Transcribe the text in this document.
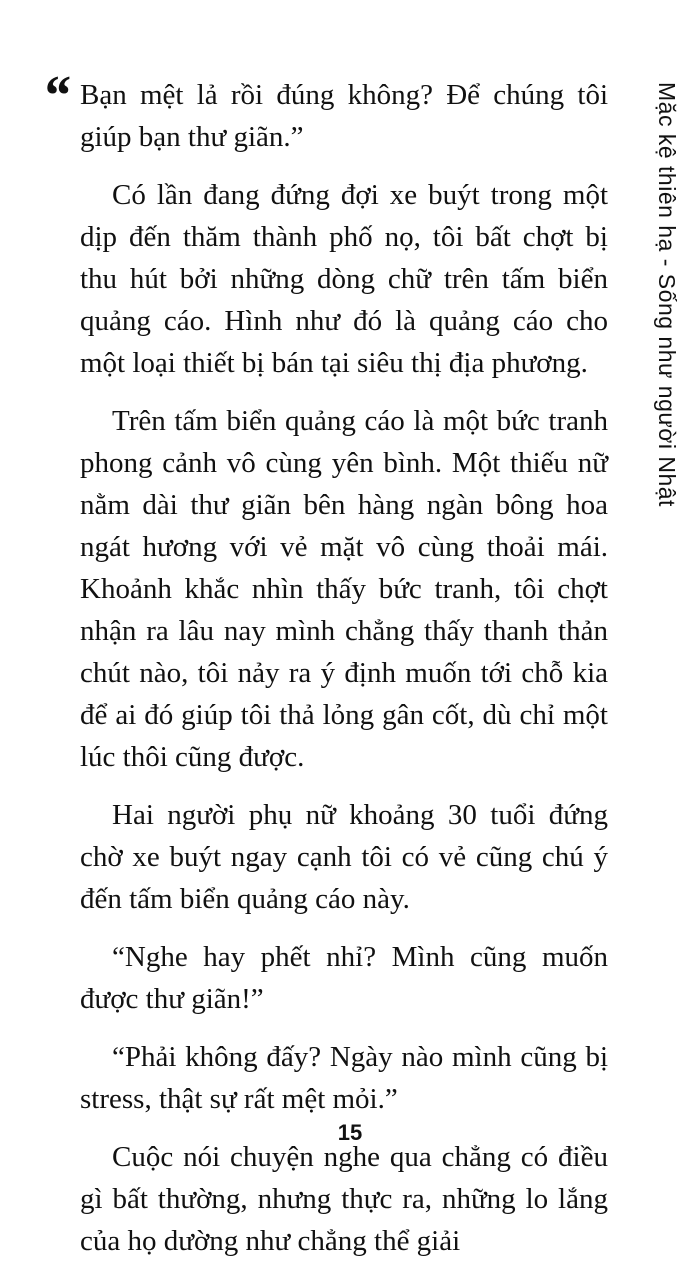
“ Bạn mệt lả rồi đúng không? Để chúng tôi giúp bạn thư giãn.”

Có lần đang đứng đợi xe buýt trong một dịp đến thăm thành phố nọ, tôi bất chợt bị thu hút bởi những dòng chữ trên tấm biển quảng cáo. Hình như đó là quảng cáo cho một loại thiết bị bán tại siêu thị địa phương.

Trên tấm biển quảng cáo là một bức tranh phong cảnh vô cùng yên bình. Một thiếu nữ nằm dài thư giãn bên hàng ngàn bông hoa ngát hương với vẻ mặt vô cùng thoải mái. Khoảnh khắc nhìn thấy bức tranh, tôi chợt nhận ra lâu nay mình chẳng thấy thanh thản chút nào, tôi nảy ra ý định muốn tới chỗ kia để ai đó giúp tôi thả lỏng gân cốt, dù chỉ một lúc thôi cũng được.

Hai người phụ nữ khoảng 30 tuổi đứng chờ xe buýt ngay cạnh tôi có vẻ cũng chú ý đến tấm biển quảng cáo này.

“Nghe hay phết nhỉ? Mình cũng muốn được thư giãn!”

“Phải không đấy? Ngày nào mình cũng bị stress, thật sự rất mệt mỏi.”

Cuộc nói chuyện nghe qua chẳng có điều gì bất thường, nhưng thực ra, những lo lắng của họ dường như chẳng thể giải

Mặc kệ thiên hạ - Sống như người Nhật
15
